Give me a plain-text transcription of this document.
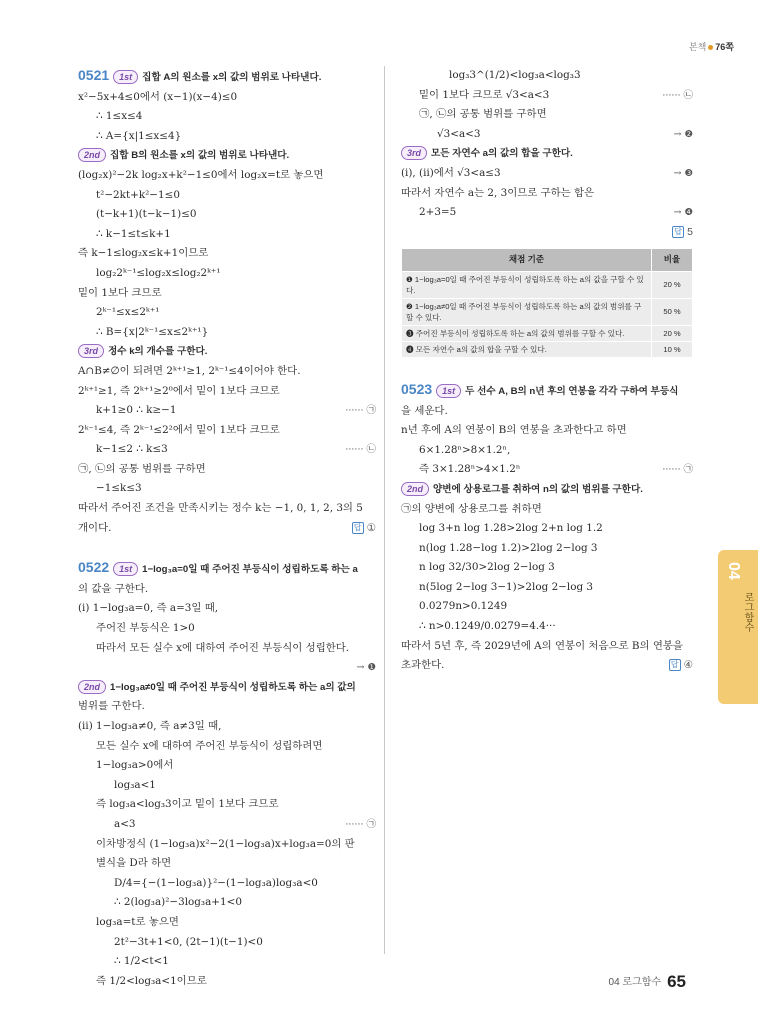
본책 76쪽
0521 1st 집합 A의 원소를 x의 값의 범위로 나타낸다.
x²−5x+4≤0에서 (x−1)(x−4)≤0
∴ 1≤x≤4
∴ A={x|1≤x≤4}
2nd 집합 B의 원소를 x의 값의 범위로 나타낸다.
(log₂x)²−2k log₂x+k²−1≤0에서 log₂x=t로 놓으면
t²−2kt+k²−1≤0
(t−k+1)(t−k−1)≤0
∴ k−1≤t≤k+1
즉 k−1≤log₂x≤k+1이므로
log₂2ᵏ⁻¹≤log₂x≤log₂2ᵏ⁺¹
밑이 1보다 크므로
2ᵏ⁻¹≤x≤2ᵏ⁺¹
∴ B={x|2ᵏ⁻¹≤x≤2ᵏ⁺¹}
3rd 정수 k의 개수를 구한다.
A∩B≠∅이 되려면 2ᵏ⁺¹≥1, 2ᵏ⁻¹≤4이어야 한다.
2ᵏ⁺¹≥1, 즉 2ᵏ⁺¹≥2⁰에서 밑이 1보다 크므로
k+1≥0 ∴ k≥−1	······ ㉠
2ᵏ⁻¹≤4, 즉 2ᵏ⁻¹≤2²에서 밑이 1보다 크므로
k−1≤2 ∴ k≤3	······ ㉡
㉠, ㉡의 공통 범위를 구하면
−1≤k≤3
따라서 주어진 조건을 만족시키는 정수 k는 −1, 0, 1, 2, 3의 5
개이다.	답 ①
0522 1st 1−log₃a=0일 때 주어진 부등식이 성립하도록 하는 a
의 값을 구한다.
(ⅰ) 1−log₃a=0, 즉 a=3일 때,
주어진 부등식은 1>0
따라서 모든 실수 x에 대하여 주어진 부등식이 성립한다.
→ ❶
2nd 1−log₃a≠0일 때 주어진 부등식이 성립하도록 하는 a의 값의
범위를 구한다.
(ⅱ) 1−log₃a≠0, 즉 a≠3일 때,
모든 실수 x에 대하여 주어진 부등식이 성립하려면
1−log₃a>0에서
log₃a<1
즉 log₃a<log₃3이고 밑이 1보다 크므로
a<3	······ ㉠
이차방정식 (1−log₃a)x²−2(1−log₃a)x+log₃a=0의 판
별식을 D라 하면
D/4={−(1−log₃a)}²−(1−log₃a)log₃a<0
∴ 2(log₃a)²−3log₃a+1<0
log₃a=t로 놓으면
2t²−3t+1<0, (2t−1)(t−1)<0
∴ 1/2<t<1
즉 1/2<log₃a<1이므로
log₃3^(1/2)<log₃a<log₃3
밑이 1보다 크므로 √3<a<3	······ ㉡
㉠, ㉡의 공통 범위를 구하면
√3<a<3	→ ❷
3rd 모든 자연수 a의 값의 합을 구한다.
(ⅰ), (ⅱ)에서 √3<a≤3	→ ❸
따라서 자연수 a는 2, 3이므로 구하는 합은
2+3=5	→ ❹
답 5
채점 기준	비율
❶ 1−log₃a=0일 때 주어진 부등식이 성립하도록 하는 a의 값을 구할 수 있다.	20 %
❷ 1−log₃a≠0일 때 주어진 부등식이 성립하도록 하는 a의 값의 범위를 구할 수 있다.	50 %
❸ 주어진 부등식이 성립하도록 하는 a의 값의 범위를 구할 수 있다.	20 %
❹ 모든 자연수 a의 값의 합을 구할 수 있다.	10 %
0523 1st 두 선수 A, B의 n년 후의 연봉을 각각 구하여 부등식
을 세운다.
n년 후에 A의 연봉이 B의 연봉을 초과한다고 하면
6×1.28ⁿ>8×1.2ⁿ,
즉 3×1.28ⁿ>4×1.2ⁿ	······ ㉠
2nd 양변에 상용로그를 취하여 n의 값의 범위를 구한다.
㉠의 양변에 상용로그를 취하면
log 3+n log 1.28>2log 2+n log 1.2
n(log 1.28−log 1.2)>2log 2−log 3
n log 32/30>2log 2−log 3
n(5log 2−log 3−1)>2log 2−log 3
0.0279n>0.1249
∴ n>0.1249/0.0279=4.4···
따라서 5년 후, 즉 2029년에 A의 연봉이 처음으로 B의 연봉을
초과한다.	답 ④
04
로그함수
04 로그함수 65
